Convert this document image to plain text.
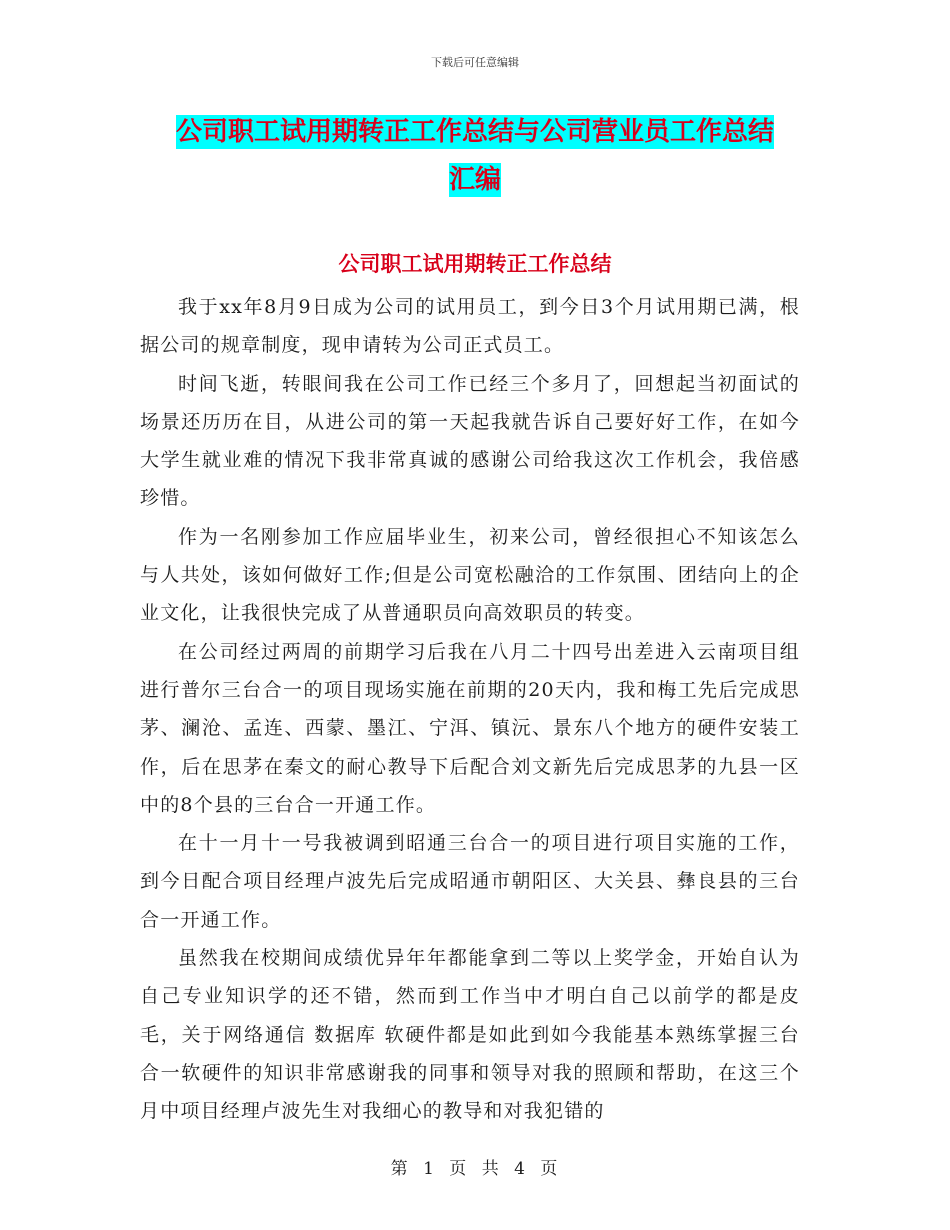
下载后可任意编辑
公司职工试用期转正工作总结与公司营业员工作总结
汇编
公司职工试用期转正工作总结

我于xx年8月9日成为公司的试用员工，到今日3个月试用期已满，根据公司的规章制度，现申请转为公司正式员工。

时间飞逝，转眼间我在公司工作已经三个多月了，回想起当初面试的场景还历历在目，从进公司的第一天起我就告诉自己要好好工作，在如今大学生就业难的情况下我非常真诚的感谢公司给我这次工作机会，我倍感珍惜。

作为一名刚参加工作应届毕业生，初来公司，曾经很担心不知该怎么与人共处，该如何做好工作;但是公司宽松融洽的工作氛围、团结向上的企业文化，让我很快完成了从普通职员向高效职员的转变。

在公司经过两周的前期学习后我在八月二十四号出差进入云南项目组进行普尔三台合一的项目现场实施在前期的20天内，我和梅工先后完成思茅、澜沧、孟连、西蒙、墨江、宁洱、镇沅、景东八个地方的硬件安装工作，后在思茅在秦文的耐心教导下后配合刘文新先后完成思茅的九县一区中的8个县的三台合一开通工作。

在十一月十一号我被调到昭通三台合一的项目进行项目实施的工作，到今日配合项目经理卢波先后完成昭通市朝阳区、大关县、彝良县的三台合一开通工作。

虽然我在校期间成绩优异年年都能拿到二等以上奖学金，开始自认为自己专业知识学的还不错，然而到工作当中才明白自己以前学的都是皮毛，关于网络通信 数据库 软硬件都是如此到如今我能基本熟练掌握三台合一软硬件的知识非常感谢我的同事和领导对我的照顾和帮助，在这三个月中项目经理卢波先生对我细心的教导和对我犯错的

第 1 页 共 4 页
